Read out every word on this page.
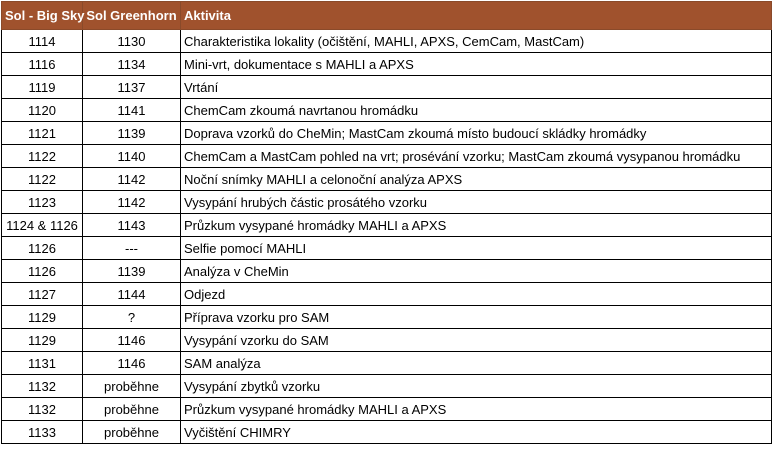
Sol - Big Sky	Sol Greenhorn	Aktivita
1114	1130	Charakteristika lokality (očištění, MAHLI, APXS, CemCam, MastCam)
1116	1134	Mini-vrt, dokumentace s MAHLI a APXS
1119	1137	Vrtání
1120	1141	ChemCam zkoumá navrtanou hromádku
1121	1139	Doprava vzorků do CheMin; MastCam zkoumá místo budoucí skládky hromádky
1122	1140	ChemCam a MastCam pohled na vrt; prosévání vzorku; MastCam zkoumá vysypanou hromádku
1122	1142	Noční snímky MAHLI a celonoční analýza APXS
1123	1142	Vysypání hrubých částic prosátého vzorku
1124 & 1126	1143	Průzkum vysypané hromádky MAHLI a APXS
1126	---	Selfie pomocí MAHLI
1126	1139	Analýza v CheMin
1127	1144	Odjezd
1129	?	Příprava vzorku pro SAM
1129	1146	Vysypání vzorku do SAM
1131	1146	SAM analýza
1132	proběhne	Vysypání zbytků vzorku
1132	proběhne	Průzkum vysypané hromádky MAHLI a APXS
1133	proběhne	Vyčištění CHIMRY
